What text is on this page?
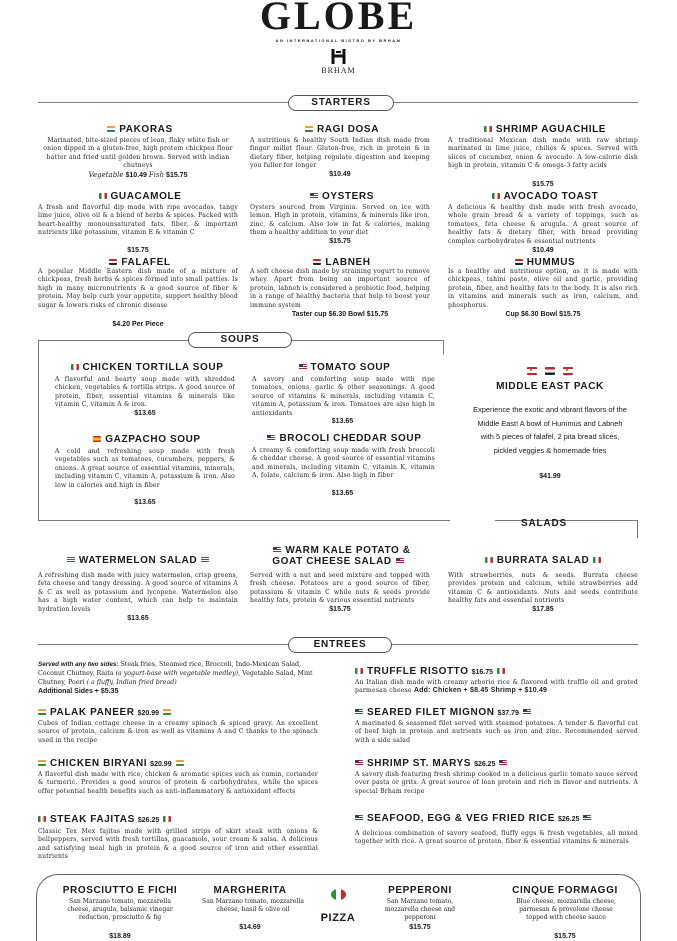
GLOBE
AN INTERNATIONAL BISTRO BY BRHAM
BRHAM
STARTERS
PAKORAS
Marinated, bite-sized pieces of lean, flaky white fish or onion dipped in a gluten-free, high protein chickpea flour batter and fried until golden brown. Served with indian chutneys
Vegetable $10.49 Fish $15.75
RAGI DOSA
A nutritious & healthy South Indian dish made from finger millet flour. Gluten-free, rich in protein & in dietary fiber, helping regulate digestion and keeping you fuller for longer
$10.49
SHRIMP AGUACHILE
A traditional Mexican dish made with raw shrimp marinated in lime juice, chilies & spices. Served with slices of cucumber, onion & avocado. A low-calorie dish high in protein, vitamin C & omega-3 fatty acids
$15.75
GUACAMOLE
A fresh and flavorful dip made with ripe avocados, tangy lime juice, olive oil & a blend of herbs & spices. Packed with heart-healthy monounsaturated fats, fiber, & important nutrients like potassium, vitamin E & vitamin C
$15.75
OYSTERS
Oysters sourced from Virginia. Served on ice with lemon. High in protein, vitamins, & minerals like iron, zinc, & calcium. Also low in fat & calories, making them a healthy addition to your diet
$15.75
AVOCADO TOAST
A delicious & healthy dish made with fresh avocado, whole grain bread & a variety of toppings, such as tomatoes, feta cheese & arugula. A great source of healthy fats & dietary fiber, with bread providing complex carbohydrates & essential nutrients
$10.49
FALAFEL
A popular Middle Eastern dish made of a mixture of chickpeas, fresh herbs & spices formed into small patties. Is high in many micronutrients & a good source of fiber & protein. May help curb your appetite, support healthy blood sugar & lowers risks of chronic disease
$4.20 Per Piece
LABNEH
A soft cheese dish made by straining yogurt to remove whey. Apart from being an important source of protein, labneh is considered a probiotic food, helping in a range of healthy bacteria that help to boost your immune system
Taster cup $6.30 Bowl $15.75
HUMMUS
Is a healthy and nutritious option, as it is made with chickpeas, tahini paste, olive oil and garlic, providing protein, fiber, and healthy fats to the body. It is also rich in vitamins and minerals such as iron, calcium, and phosphorus.
Cup $6.30 Bowl $15.75
SOUPS
CHICKEN TORTILLA SOUP
A flavorful and hearty soup made with shredded chicken, vegetables & tortilla strips. A good source of protein, fiber, essential vitamins & minerals like vitamin C, vitamin A & iron.
$13.65
TOMATO SOUP
A savory and comforting soup made with ripe tomatoes, onions, garlic & other seasonings. A good source of vitamins & minerals, including vitamin C, vitamin A, potassium & iron. Tomatoes are also high in antioxidants
$13.65
GAZPACHO SOUP
A cold and refreshing soup made with fresh vegetables such as tomatoes, cucumbers, peppers, & onions. A great source of essential vitamins, minerals, including vitamin C, vitamin A, potassium & iron. Also low in calories and high in fiber
$13.65
BROCOLI CHEDDAR SOUP
A creamy & comforting soup made with fresh broccoli & cheddar cheese. A good source of essential vitamins and minerals, including vitamin C, vitamin K, vitamin A, folate, calcium & iron. Also high in fiber
$13.65
MIDDLE EAST PACK
Experience the exotic and vibrant flavors of the Middle East! A bowl of Hummus and Labneh with 5 pieces of falafel, 2 pita bread slices, pickled veggies & homemade fries
$41.99
SALADS
WATERMELON SALAD
A refreshing dish made with juicy watermelon, crisp greens, feta cheese and tangy dressing. A good source of vitamins A & C as well as potassium and lycopene. Watermelon also has a high water content, which can help to maintain hydration levels
$13.65
WARM KALE POTATO &
GOAT CHEESE SALAD
Served with a nut and seed mixture and topped with fresh cheese. Potatoes are a good source of fiber, potassium & vitamin C while nuts & seeds provide healthy fats, protein & various essential nutrients
$15.75
BURRATA SALAD
With strawberries, nuts & seeds. Burrata cheese provides protein and calcium, while strawberries add vitamin C & antioxidants. Nuts and seeds contribute healthy fats and essential nutrients
$17.85
ENTREES
Served with any two sides: Steak fries, Steamed rice, Broccoli, Indo-Mexican Salad, Coconut Chutney, Raita (a yogurt-base with vegetable medley), Vegetable Salad, Mint Chutney, Poori ( a fluffy, Indian fried bread)
Additional Sides + $5.35
PALAK PANEER $20.99
Cubes of Indian cottage cheese in a creamy spinach & spiced gravy. An excellent source of protein, calcium & iron as well as vitamins A and C thanks to the spinach used in the recipe
CHICKEN BIRYANI $20.99
A flavorful dish made with rice, chicken & aromatic spices such as cumin, coriander & turmeric. Provides a good source of protein & carbohydrates, while the spices offer potential health benefits such as anti-inflammatory & antioxidant effects
STEAK FAJITAS $26.25
Classic Tex Mex fajitas made with grilled strips of skirt steak with onions & bellpeppers, served with fresh tortillas, guacamole, sour cream & salsa. A delicious and satisfying meal high in protein & a good source of iron and other essential nutrients
TRUFFLE RISOTTO $16.75
An Italian dish made with creamy arborio rice & flavored with truffle oil and grated parmesan cheese Add: Chicken + $8.45 Shrimp + $10.49
SEARED FILET MIGNON $37.79
A marinated & seasoned filet served with steamed potatoes. A tender & flavorful cut of beef high in protein and nutrients such as iron and zinc. Recommended served with a side salad
SHRIMP ST. MARYS $26.25
A savory dish featuring fresh shrimp cooked in a delicious garlic tomato sauce served over pasta or grits. A great source of lean protein and rich in flavor and nutrients. A special Brham recipe
SEAFOOD, EGG & VEG FRIED RICE $26.25
A delicious combination of savory seafood, fluffy eggs & fresh vegetables, all mixed together with rice. A great source of protein, fiber & essential vitamins & minerals
PROSCIUTTO E FICHI
San Marzano tomato, mozzarella cheese, arugula, balsamic vinegar reduction, prosciutto & fig
$18.89
MARGHERITA
San Marzano tomato, mozzarella cheese, basil & olive oil
$14.69
PIZZA
PEPPERONI
San Marzano tomato, mozzarella cheese and pepperoni
$15.75
CINQUE FORMAGGI
Blue cheese, mozzarella cheese, parmesan & provolone cheese topped with cheese sauce
$15.75
